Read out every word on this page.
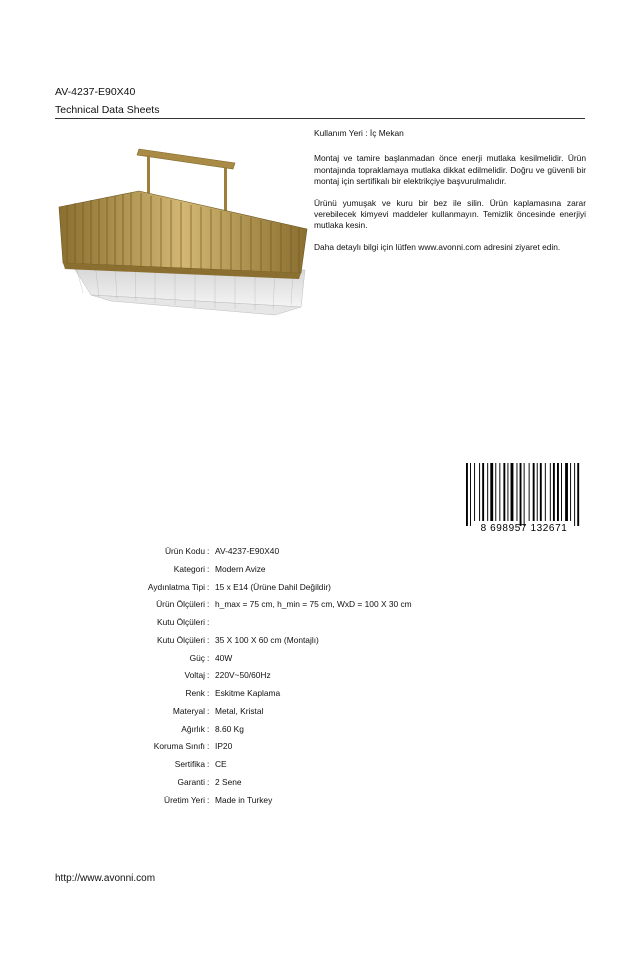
AV-4237-E90X40
Technical Data Sheets

Kullanım Yeri : İç Mekan

Montaj ve tamire başlanmadan önce enerji mutlaka kesilmelidir. Ürün montajında topraklamaya mutlaka dikkat edilmelidir. Doğru ve güvenli bir montaj için sertifikalı bir elektrikçiye başvurulmalıdır.

Ürünü yumuşak ve kuru bir bez ile silin. Ürün kaplamasına zarar verebilecek kimyevi maddeler kullanmayın. Temizlik öncesinde enerjiyi mutlaka kesin.

Daha detaylı bilgi için lütfen www.avonni.com adresini ziyaret edin.

8 698957 132671
Ürün Kodu : AV-4237-E90X40
Kategori : Modern Avize
Aydınlatma Tipi : 15 x E14 (Ürüne Dahil Değildir)
Ürün Ölçüleri : h_max = 75 cm, h_min = 75 cm, WxD = 100 X 30 cm
Kutu Ölçüleri :
Kutu Ölçüleri : 35 X 100 X 60 cm (Montajlı)
Güç : 40W
Voltaj : 220V~50/60Hz
Renk : Eskitme Kaplama
Materyal : Metal, Kristal
Ağırlık : 8.60 Kg
Koruma Sınıfı : IP20
Sertifika : CE
Garanti : 2 Sene
Üretim Yeri : Made in Turkey
http://www.avonni.com
